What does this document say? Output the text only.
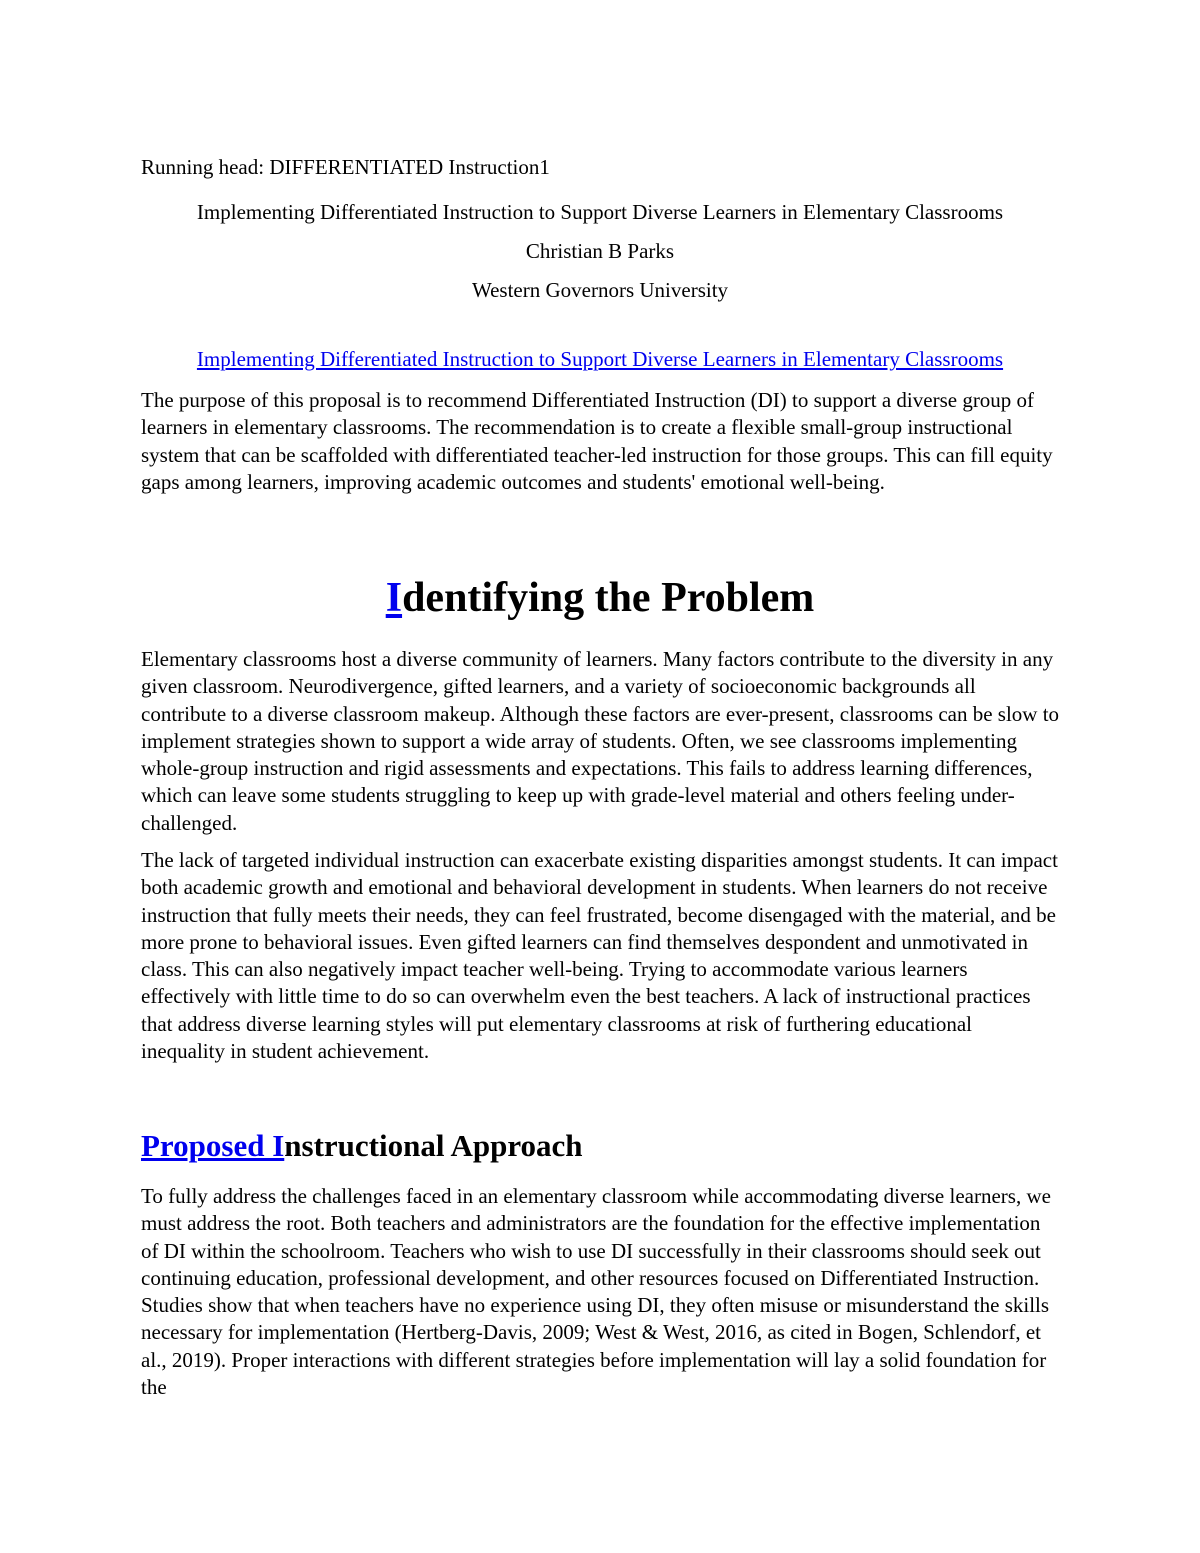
Running head: DIFFERENTIATED Instruction1
Implementing Differentiated Instruction to Support Diverse Learners in Elementary Classrooms
Christian B Parks
Western Governors University
Implementing Differentiated Instruction to Support Diverse Learners in Elementary Classrooms

The purpose of this proposal is to recommend Differentiated Instruction (DI) to support a diverse group of learners in elementary classrooms. The recommendation is to create a flexible small-group instructional system that can be scaffolded with differentiated teacher-led instruction for those groups. This can fill equity gaps among learners, improving academic outcomes and students' emotional well-being.

Identifying the Problem

Elementary classrooms host a diverse community of learners. Many factors contribute to the diversity in any given classroom. Neurodivergence, gifted learners, and a variety of socioeconomic backgrounds all contribute to a diverse classroom makeup. Although these factors are ever-present, classrooms can be slow to implement strategies shown to support a wide array of students. Often, we see classrooms implementing whole-group instruction and rigid assessments and expectations. This fails to address learning differences, which can leave some students struggling to keep up with grade-level material and others feeling under-challenged.

The lack of targeted individual instruction can exacerbate existing disparities amongst students. It can impact both academic growth and emotional and behavioral development in students. When learners do not receive instruction that fully meets their needs, they can feel frustrated, become disengaged with the material, and be more prone to behavioral issues. Even gifted learners can find themselves despondent and unmotivated in class. This can also negatively impact teacher well-being. Trying to accommodate various learners effectively with little time to do so can overwhelm even the best teachers. A lack of instructional practices that address diverse learning styles will put elementary classrooms at risk of furthering educational inequality in student achievement.

Proposed Instructional Approach

To fully address the challenges faced in an elementary classroom while accommodating diverse learners, we must address the root. Both teachers and administrators are the foundation for the effective implementation of DI within the schoolroom. Teachers who wish to use DI successfully in their classrooms should seek out continuing education, professional development, and other resources focused on Differentiated Instruction. Studies show that when teachers have no experience using DI, they often misuse or misunderstand the skills necessary for implementation (Hertberg-Davis, 2009; West & West, 2016, as cited in Bogen, Schlendorf, et al., 2019). Proper interactions with different strategies before implementation will lay a solid foundation for the
